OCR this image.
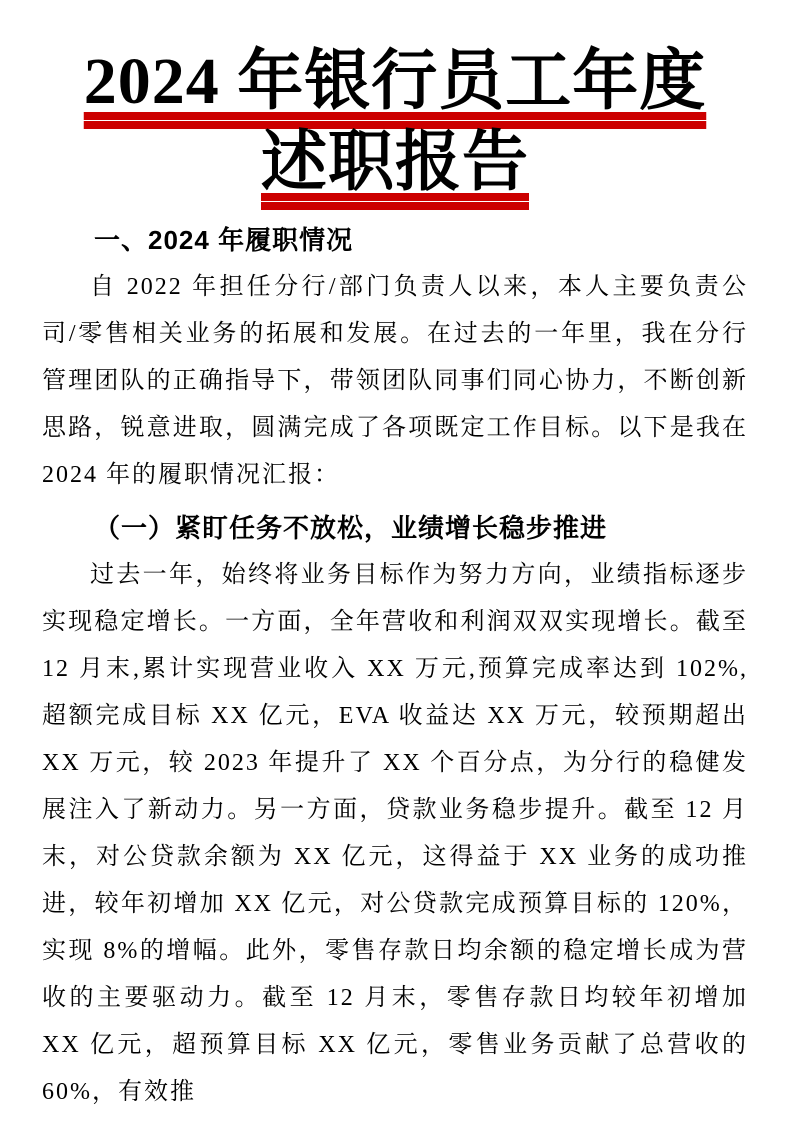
2024 年银行员工年度
述职报告
一、2024 年履职情况

自 2022 年担任分行/部门负责人以来，本人主要负责公司/零售相关业务的拓展和发展。在过去的一年里，我在分行管理团队的正确指导下，带领团队同事们同心协力，不断创新思路，锐意进取，圆满完成了各项既定工作目标。以下是我在 2024 年的履职情况汇报：

（一）紧盯任务不放松，业绩增长稳步推进

过去一年，始终将业务目标作为努力方向，业绩指标逐步实现稳定增长。一方面，全年营收和利润双双实现增长。截至 12 月末,累计实现营业收入 XX 万元,预算完成率达到 102%,超额完成目标 XX 亿元，EVA 收益达 XX 万元，较预期超出 XX 万元，较 2023 年提升了 XX 个百分点，为分行的稳健发展注入了新动力。另一方面，贷款业务稳步提升。截至 12 月末，对公贷款余额为 XX 亿元，这得益于 XX 业务的成功推进，较年初增加 XX 亿元，对公贷款完成预算目标的 120%，实现 8%的增幅。此外，零售存款日均余额的稳定增长成为营收的主要驱动力。截至 12 月末，零售存款日均较年初增加 XX 亿元，超预算目标 XX 亿元，零售业务贡献了总营收的 60%，有效推
